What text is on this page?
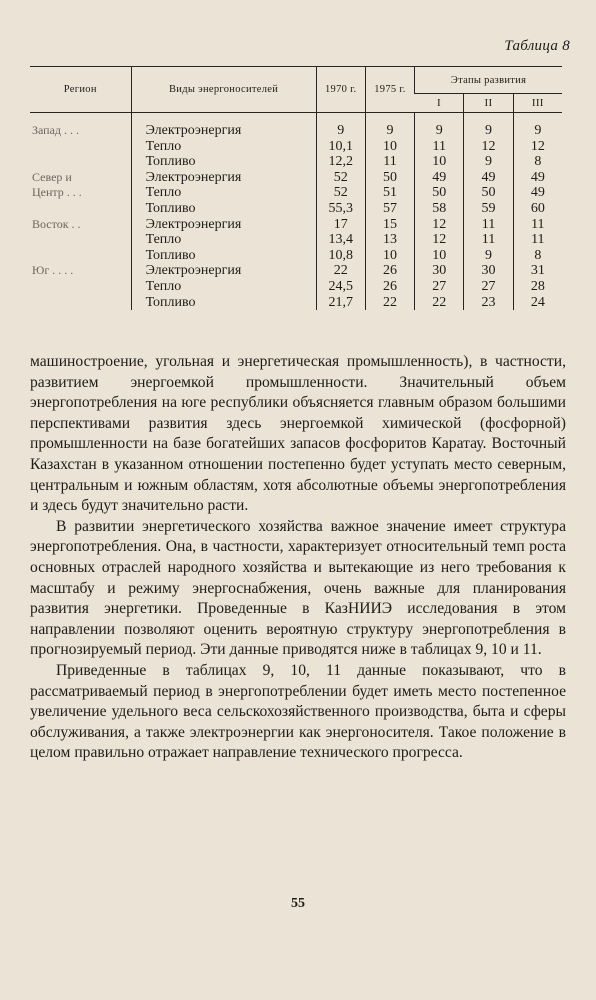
Таблица 8
Регион	Виды энергоносителей	1970 г.	1975 г.	Этапы развития		
				I	II	III
Запад . . .	Электроэнергия	9	9	9	9	9
	Тепло	10,1	10	11	12	12
	Топливо	12,2	11	10	9	8
Север и	Электроэнергия	52	50	49	49	49
Центр . . .	Тепло	52	51	50	50	49
	Топливо	55,3	57	58	59	60
Восток . .	Электроэнергия	17	15	12	11	11
	Тепло	13,4	13	12	11	11
	Топливо	10,8	10	10	9	8
Юг . . . .	Электроэнергия	22	26	30	30	31
	Тепло	24,5	26	27	27	28
	Топливо	21,7	22	22	23	24

машиностроение, угольная и энергетическая промышленность), в частности, развитием энергоемкой промышленности. Значительный объем энергопотребления на юге республики объясняется главным образом большими перспективами развития здесь энергоемкой химической (фосфорной) промышленности на базе богатейших запасов фосфоритов Каратау. Восточный Казахстан в указанном отношении постепенно будет уступать место северным, центральным и южным областям, хотя абсолютные объемы энергопотребления и здесь будут значительно расти.

В развитии энергетического хозяйства важное значение имеет структура энергопотребления. Она, в частности, характеризует относительный темп роста основных отраслей народного хозяйства и вытекающие из него требования к масштабу и режиму энергоснабжения, очень важные для планирования развития энергетики. Проведенные в КазНИИЭ исследования в этом направлении позволяют оценить вероятную структуру энергопотребления в прогнозируемый период. Эти данные приводятся ниже в таблицах 9, 10 и 11.

Приведенные в таблицах 9, 10, 11 данные показывают, что в рассматриваемый период в энергопотреблении будет иметь место постепенное увеличение удельного веса сельскохозяйственного производства, быта и сферы обслуживания, а также электроэнергии как энергоносителя. Такое положение в целом правильно отражает направление технического прогресса.

55
